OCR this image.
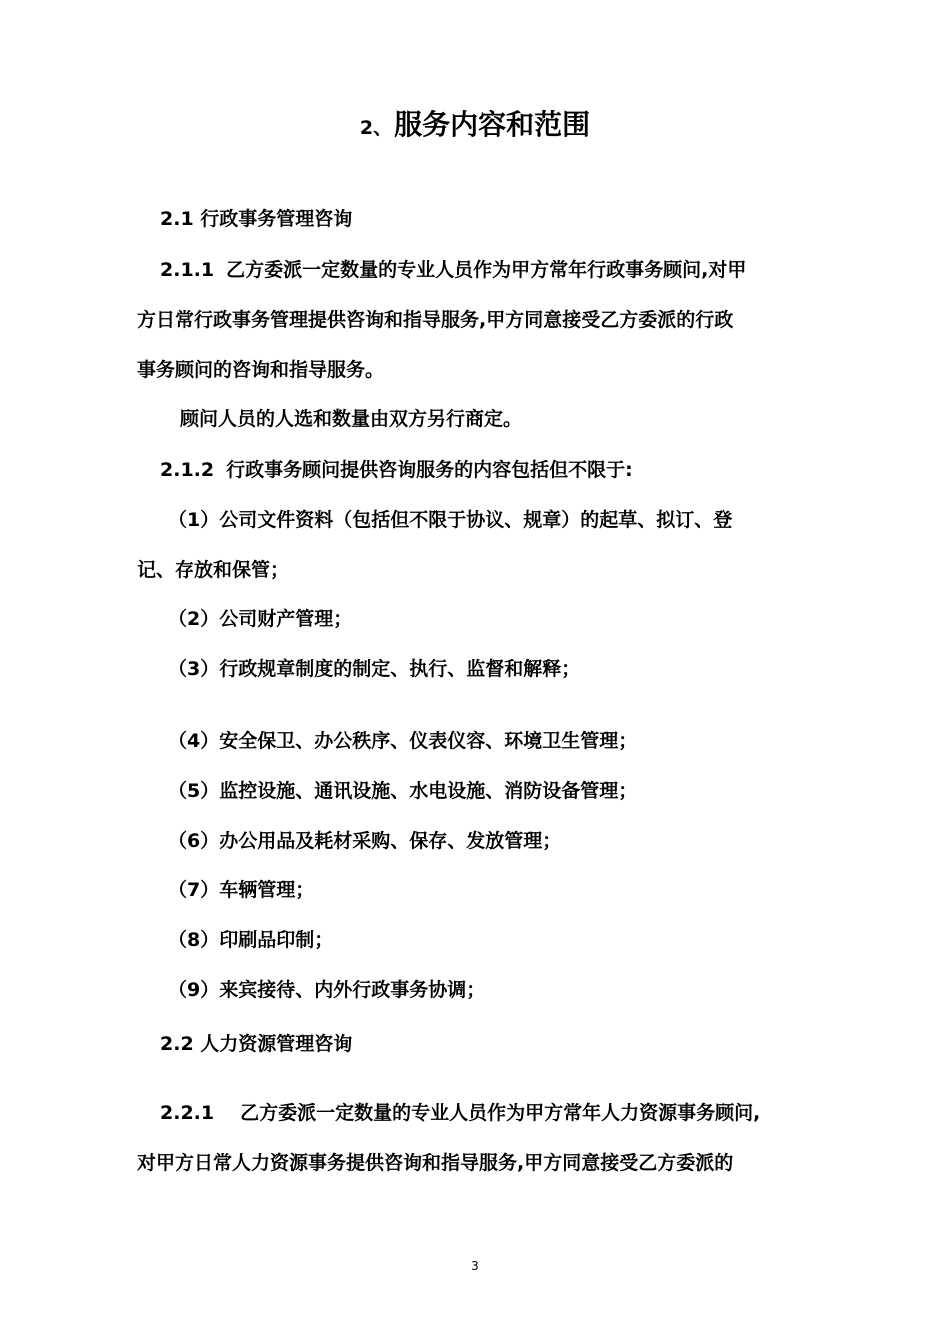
2、服务内容和范围
2.1 行政事务管理咨询
2.1.1 乙方委派一定数量的专业人员作为甲方常年行政事务顾问,对甲
方日常行政事务管理提供咨询和指导服务,甲方同意接受乙方委派的行政
事务顾问的咨询和指导服务。
顾问人员的人选和数量由双方另行商定。
2.1.2 行政事务顾问提供咨询服务的内容包括但不限于:
（1）公司文件资料（包括但不限于协议、规章）的起草、拟订、登
记、存放和保管；
（2）公司财产管理；
（3）行政规章制度的制定、执行、监督和解释；
（4）安全保卫、办公秩序、仪表仪容、环境卫生管理；
（5）监控设施、通讯设施、水电设施、消防设备管理；
（6）办公用品及耗材采购、保存、发放管理；
（7）车辆管理；
（8）印刷品印制；
（9）来宾接待、内外行政事务协调；
2.2 人力资源管理咨询
2.2.1 乙方委派一定数量的专业人员作为甲方常年人力资源事务顾问,
对甲方日常人力资源事务提供咨询和指导服务,甲方同意接受乙方委派的
3
